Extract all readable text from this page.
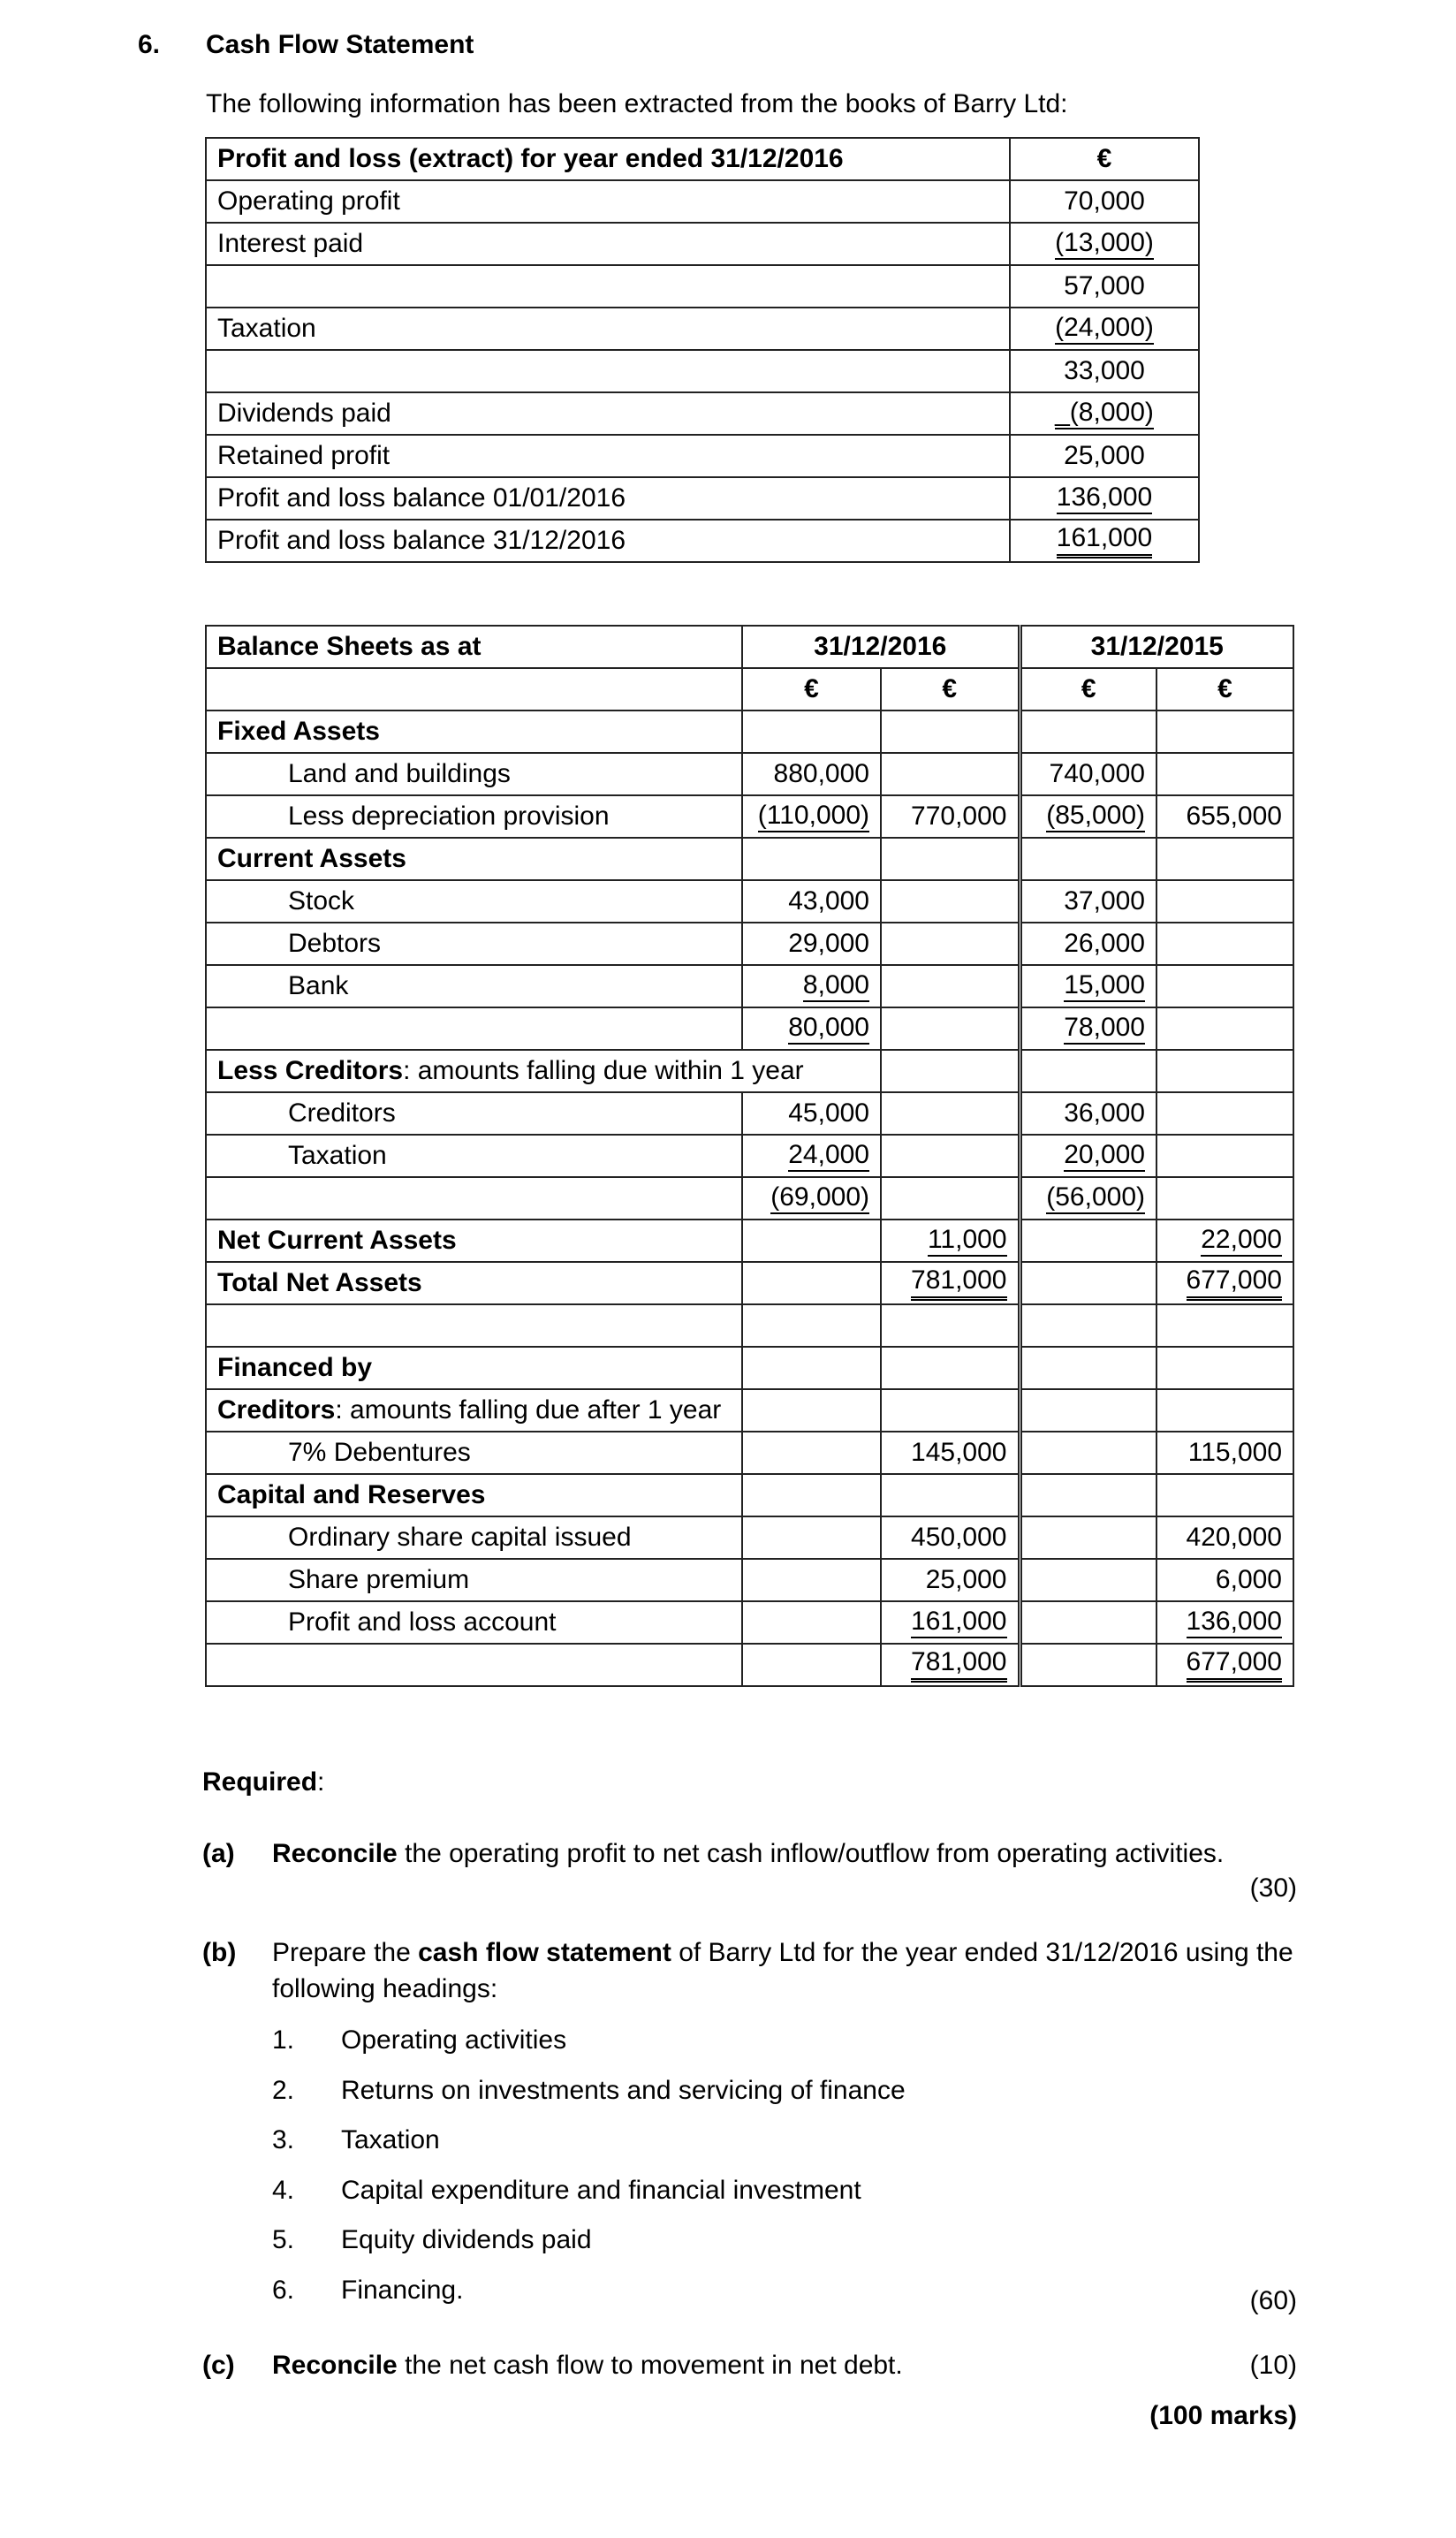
6. Cash Flow Statement
The following information has been extracted from the books of Barry Ltd:
Profit and loss (extract) for year ended 31/12/2016	€
Operating profit	70,000
Interest paid	(13,000)
	57,000
Taxation	(24,000)
	33,000
Dividends paid	_(8,000)
Retained profit	25,000
Profit and loss balance 01/01/2016	136,000
Profit and loss balance 31/12/2016	161,000
Balance Sheets as at	31/12/2016		31/12/2015	
	€	€	€	€
Fixed Assets				
Land and buildings	880,000		740,000	
Less depreciation provision	(110,000)	770,000	(85,000)	655,000
Current Assets				
Stock	43,000		37,000	
Debtors	29,000		26,000	
Bank	8,000		15,000	
	80,000		78,000	
Less Creditors: amounts falling due within 1 year				
Creditors	45,000		36,000	
Taxation	24,000		20,000	
	(69,000)		(56,000)	
Net Current Assets		11,000		22,000
Total Net Assets		781,000		677,000

Financed by				
Creditors: amounts falling due after 1 year				
7% Debentures		145,000		115,000
Capital and Reserves				
Ordinary share capital issued		450,000		420,000
Share premium		25,000		6,000
Profit and loss account		161,000		136,000
		781,000		677,000
Required:
(a) Reconcile the operating profit to net cash inflow/outflow from operating activities.
(30)
(b) Prepare the cash flow statement of Barry Ltd for the year ended 31/12/2016 using the
following headings:
1. Operating activities
2. Returns on investments and servicing of finance
3. Taxation
4. Capital expenditure and financial investment
5. Equity dividends paid
6. Financing.	(60)
(c) Reconcile the net cash flow to movement in net debt.	(10)
(100 marks)
